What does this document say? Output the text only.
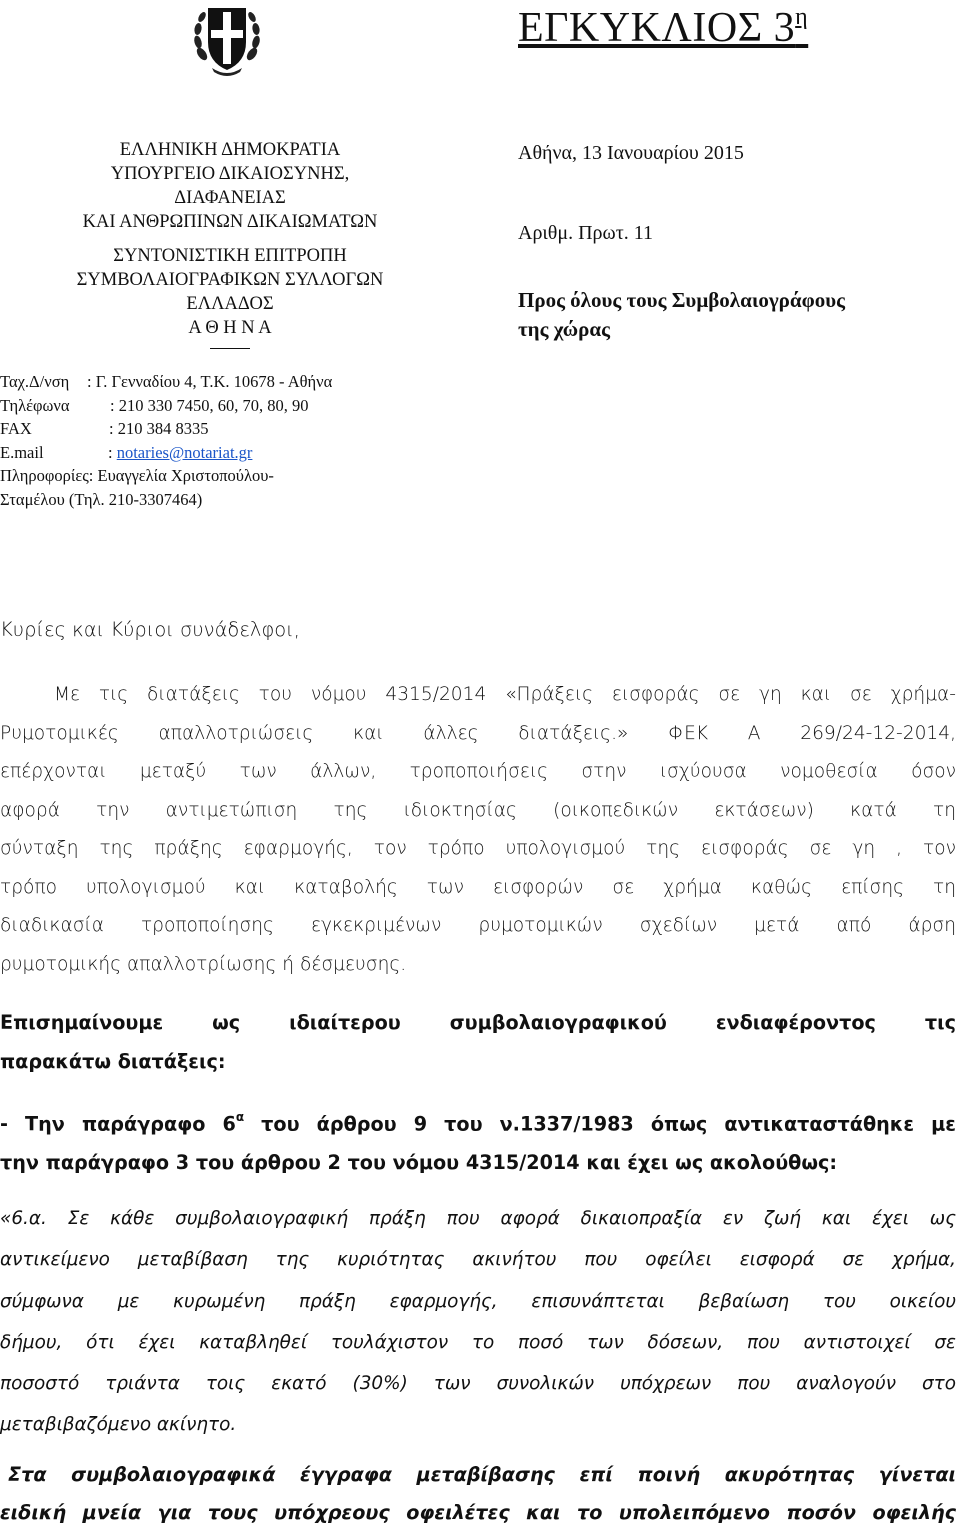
ΕΓΚΥΚΛΙΟΣ $3^\eta$
ΕΛΛΗΝΙΚΗ ΔΗΜΟΚΡΑΤΙΑ
ΥΠΟΥΡΓΕΙΟ ΔΙΚΑΙΟΣΥΝΗΣ, ΔΙΑΦΑΝΕΙΑΣ
ΚΑΙ ΑΝΘΡΩΠΙΝΩΝ ΔΙΚΑΙΩΜΑΤΩΝ
ΣΥΝΤΟΝΙΣΤΙΚΗ ΕΠΙΤΡΟΠΗ
ΣΥΜΒΟΛΑΙΟΓΡΑΦΙΚΩΝ ΣΥΛΛΟΓΩΝ
ΕΛΛΑΔΟΣ
Α Θ Η Ν Α
Ταχ.Δ/νση : Γ. Γενναδίου 4, Τ.Κ. 10678 - Αθήνα
Τηλέφωνα : 210 330 7450, 60, 70, 80, 90
FAX	: 210 384 8335
E.mail	: notaries@notariat.gr
Πληροφορίες: Ευαγγελία Χριστοπούλου-
Σταμέλου (Τηλ. 210-3307464)
Αθήνα, 13 Ιανουαρίου 2015
Αριθμ. Πρωτ. 11
Προς όλους τους Συμβολαιογράφους
της χώρας
Κυρίες και Κύριοι συνάδελφοι,
Με τις διατάξεις του νόμου 4315/2014 «Πράξεις εισφοράς σε γη και σε χρήμα-
Ρυμοτομικές απαλλοτριώσεις και άλλες διατάξεις.» ΦΕΚ Α 269/24-12-2014,
επέρχονται μεταξύ των άλλων, τροποποιήσεις στην ισχύουσα νομοθεσία όσον
αφορά την αντιμετώπιση της ιδιοκτησίας (οικοπεδικών εκτάσεων) κατά τη
σύνταξη της πράξης εφαρμογής, τον τρόπο υπολογισμού της εισφοράς σε γη , τον
τρόπο υπολογισμού και καταβολής των εισφορών σε χρήμα καθώς επίσης τη
διαδικασία τροποποίησης εγκεκριμένων ρυμοτομικών σχεδίων μετά από άρση
ρυμοτομικής απαλλοτρίωσης ή δέσμευσης.
Επισημαίνουμε ως ιδιαίτερου συμβολαιογραφικού ενδιαφέροντος τις
παρακάτω διατάξεις:
- Την παράγραφο $6^\alpha$ του άρθρου 9 του ν.1337/1983 όπως αντικαταστάθηκε με
την παράγραφο 3 του άρθρου 2 του νόμου 4315/2014 και έχει ως ακολούθως:
«6.α. Σε κάθε συμβολαιογραφική πράξη που αφορά δικαιοπραξία εν ζωή και έχει ως
αντικείμενο μεταβίβαση της κυριότητας ακινήτου που οφείλει εισφορά σε χρήμα,
σύμφωνα με κυρωμένη πράξη εφαρμογής, επισυνάπτεται βεβαίωση του οικείου
δήμου, ότι έχει καταβληθεί τουλάχιστον το ποσό των δόσεων, που αντιστοιχεί σε
ποσοστό τριάντα τοις εκατό (30%) των συνολικών υπόχρεων που αναλογούν στο
μεταβιβαζόμενο ακίνητο.
Στα συμβολαιογραφικά έγγραφα μεταβίβασης επί ποινή ακυρότητας γίνεται
ειδική μνεία για τους υπόχρεους οφειλέτες και το υπολειπόμενο ποσόν οφειλής
